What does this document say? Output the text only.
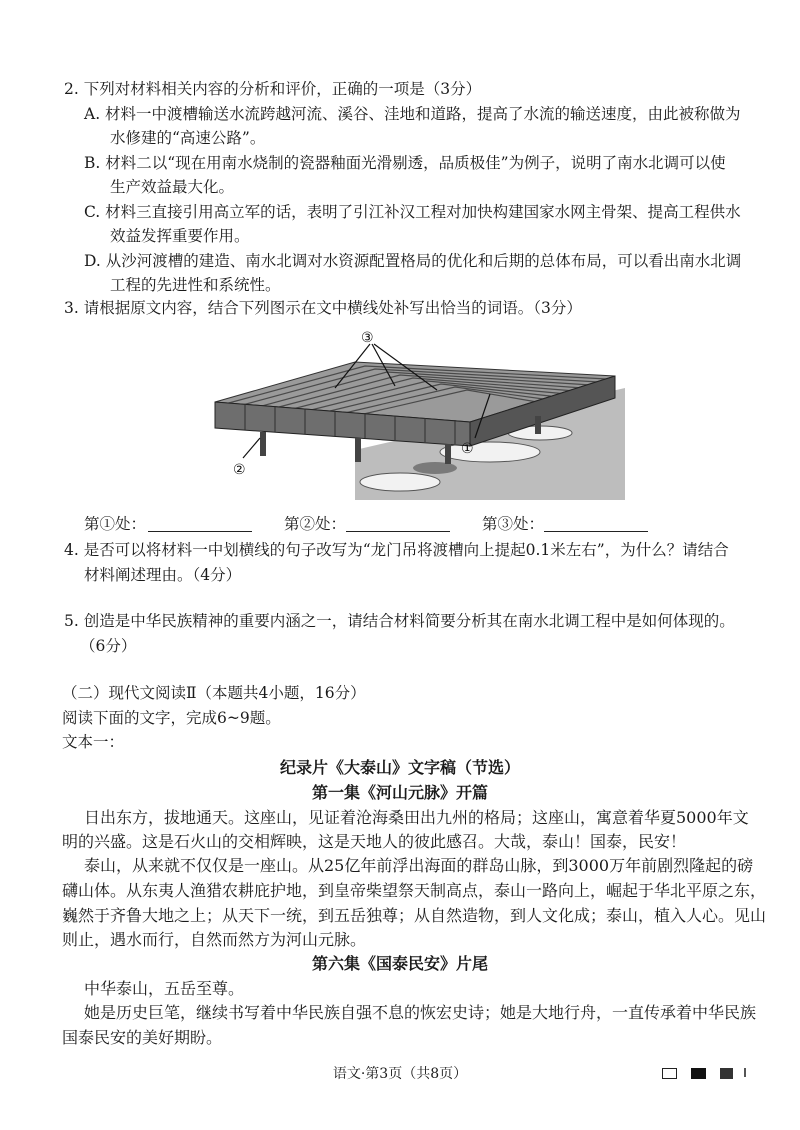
2. 下列对材料相关内容的分析和评价，正确的一项是（3分）
A. 材料一中渡槽输送水流跨越河流、溪谷、洼地和道路，提高了水流的输送速度，由此被称做为
水修建的“高速公路”。
B. 材料二以“现在用南水烧制的瓷器釉面光滑剔透，品质极佳”为例子，说明了南水北调可以使
生产效益最大化。
C. 材料三直接引用高立军的话，表明了引江补汉工程对加快构建国家水网主骨架、提高工程供水
效益发挥重要作用。
D. 从沙河渡槽的建造、南水北调对水资源配置格局的优化和后期的总体布局，可以看出南水北调
工程的先进性和系统性。
3. 请根据原文内容，结合下列图示在文中横线处补写出恰当的词语。（3分）
③
②
①
第①处：	第②处：	第③处：
4. 是否可以将材料一中划横线的句子改写为“龙门吊将渡槽向上提起0.1米左右”，为什么？请结合
材料阐述理由。（4分）
5. 创造是中华民族精神的重要内涵之一，请结合材料简要分析其在南水北调工程中是如何体现的。
（6分）
（二）现代文阅读Ⅱ（本题共4小题，16分）
阅读下面的文字，完成6~9题。
文本一：
纪录片《大泰山》文字稿（节选）
第一集《河山元脉》开篇
日出东方，拔地通天。这座山，见证着沧海桑田出九州的格局；这座山，寓意着华夏5000年文
明的兴盛。这是石火山的交相辉映，这是天地人的彼此感召。大哉，泰山！国泰，民安！
泰山，从来就不仅仅是一座山。从25亿年前浮出海面的群岛山脉，到3000万年前剧烈隆起的磅
礴山体。从东夷人渔猎农耕庇护地，到皇帝柴望祭天制高点，泰山一路向上，崛起于华北平原之东，
巍然于齐鲁大地之上；从天下一统，到五岳独尊；从自然造物，到人文化成；泰山，植入人心。见山
则止，遇水而行，自然而然方为河山元脉。
第六集《国泰民安》片尾
中华泰山，五岳至尊。
她是历史巨笔，继续书写着中华民族自强不息的恢宏史诗；她是大地行舟，一直传承着中华民族
国泰民安的美好期盼。
语文·第3页（共8页）
